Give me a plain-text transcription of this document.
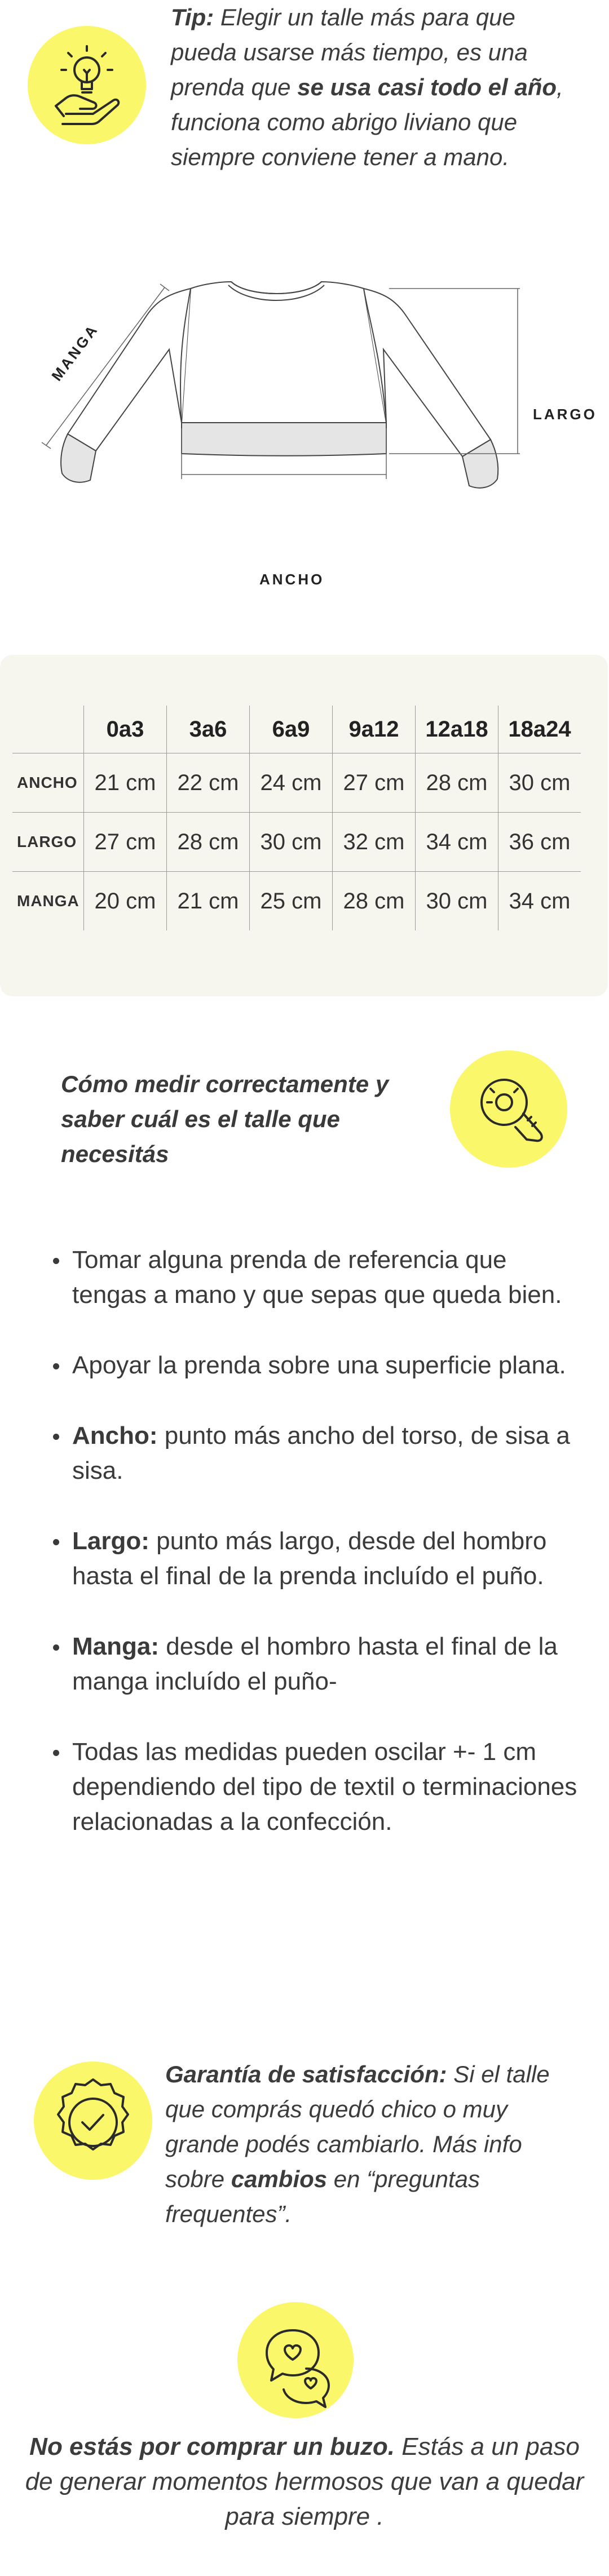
Tip: Elegir un talle más para que pueda usarse más tiempo, es una prenda que se usa casi todo el año, funciona como abrigo liviano que siempre conviene tener a mano.
MANGA
LARGO
ANCHO
	0a3	3a6	6a9	9a12	12a18	18a24
ANCHO	21 cm	22 cm	24 cm	27 cm	28 cm	30 cm
LARGO	27 cm	28 cm	30 cm	32 cm	34 cm	36 cm
MANGA	20 cm	21 cm	25 cm	28 cm	30 cm	34 cm
Cómo medir correctamente y saber cuál es el talle que necesitás
Tomar alguna prenda de referencia que tengas a mano y que sepas que queda bien.
Apoyar la prenda sobre una superficie plana.
Ancho: punto más ancho del torso, de sisa a sisa.
Largo: punto más largo, desde del hombro hasta el final de la prenda incluído el puño.
Manga: desde el hombro hasta el final de la manga incluído el puño-
Todas las medidas pueden oscilar +- 1 cm dependiendo del tipo de textil o terminaciones relacionadas a la confección.
Garantía de satisfacción: Si el talle que comprás quedó chico o muy grande podés cambiarlo. Más info sobre cambios en “preguntas frequentes”.
No estás por comprar un buzo. Estás a un paso de generar momentos hermosos que van a quedar para siempre .
